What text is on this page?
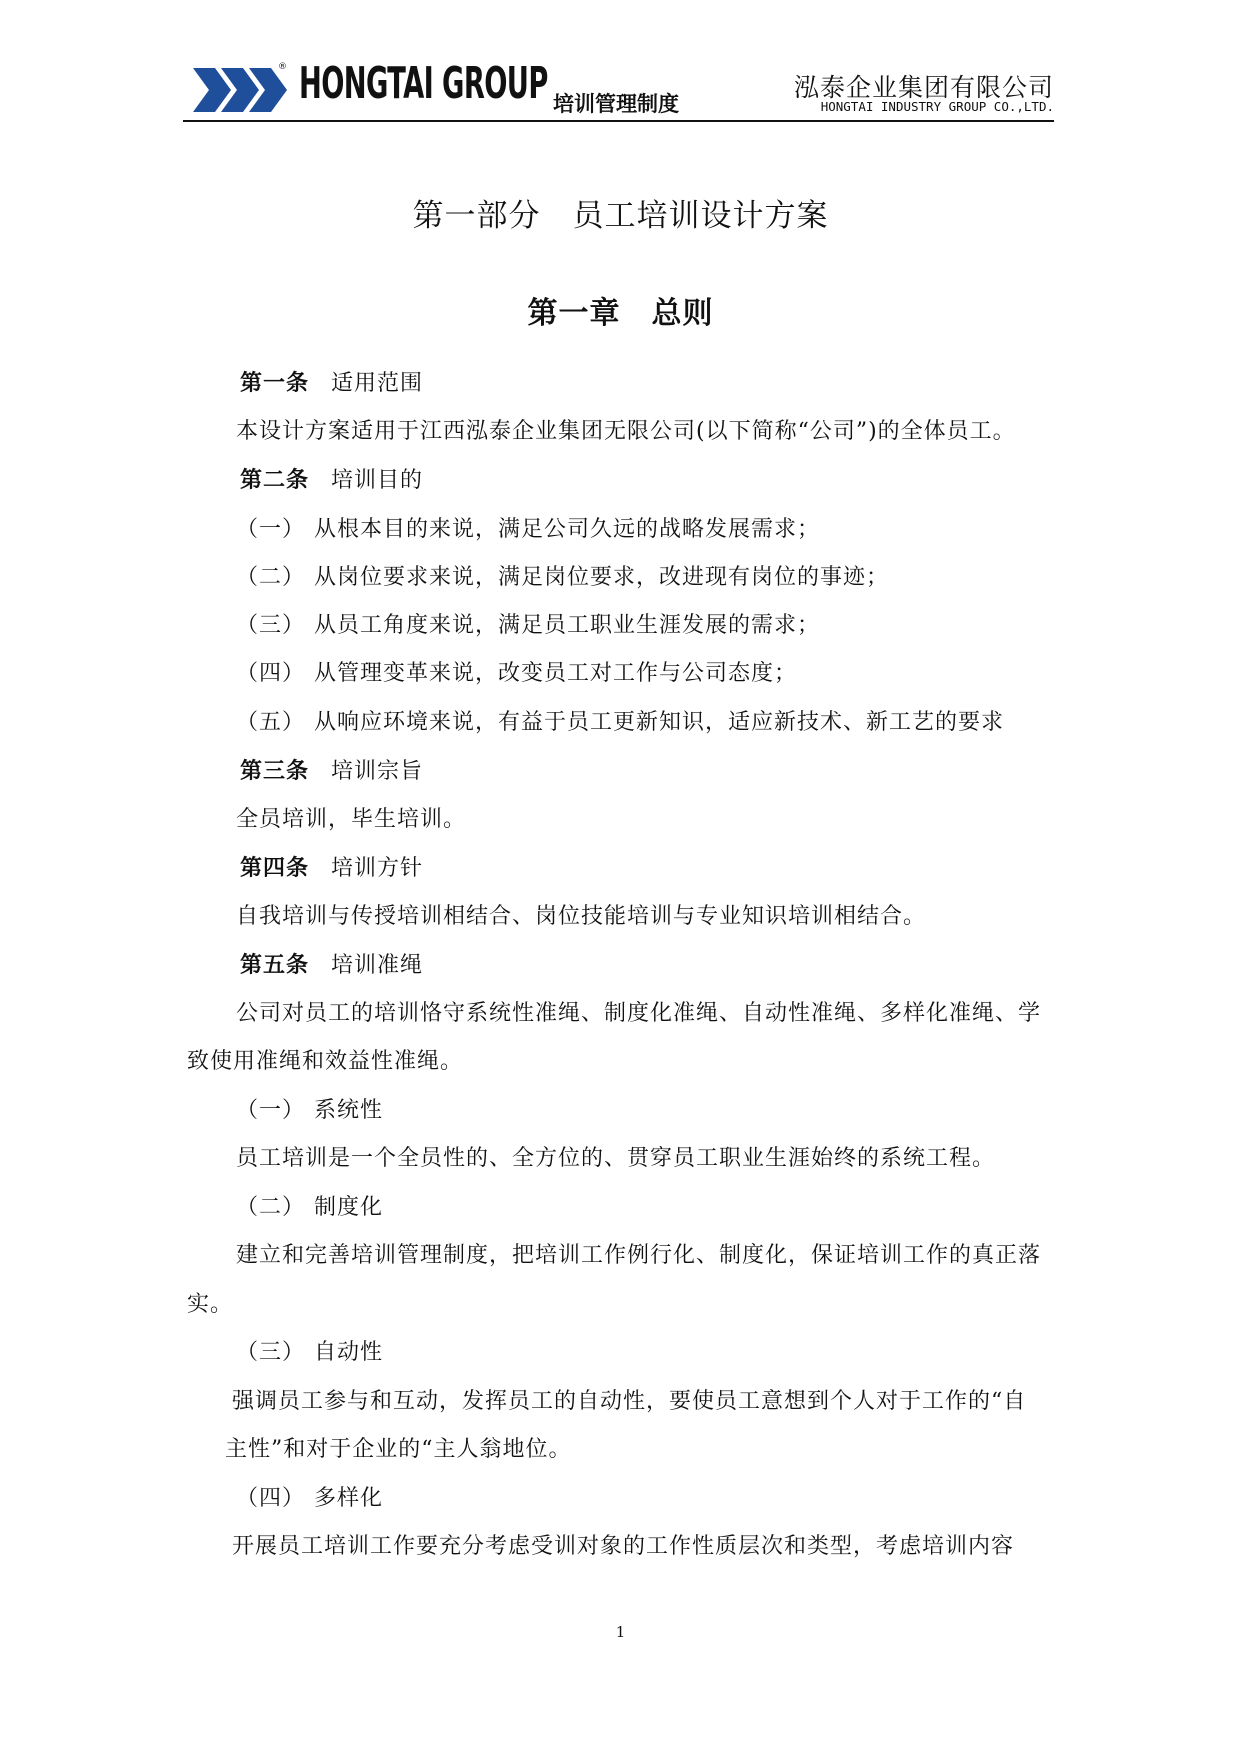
HONGTAI GROUP
®
培训管理制度
泓泰企业集团有限公司
HONGTAI INDUSTRY GROUP CO.,LTD.
第一部分　员工培训设计方案
第一章　总则
第一条 适用范围
本设计方案适用于江西泓泰企业集团无限公司(以下简称“公司”)的全体员工。
第二条 培训目的
（一） 从根本目的来说，满足公司久远的战略发展需求；
（二） 从岗位要求来说，满足岗位要求，改进现有岗位的事迹；
（三） 从员工角度来说，满足员工职业生涯发展的需求；
（四） 从管理变革来说，改变员工对工作与公司态度；
（五） 从响应环境来说，有益于员工更新知识，适应新技术、新工艺的要求
第三条 培训宗旨
全员培训，毕生培训。
第四条 培训方针
自我培训与传授培训相结合、岗位技能培训与专业知识培训相结合。
第五条 培训准绳
公司对员工的培训恪守系统性准绳、制度化准绳、自动性准绳、多样化准绳、学
致使用准绳和效益性准绳。
（一） 系统性
员工培训是一个全员性的、全方位的、贯穿员工职业生涯始终的系统工程。
（二） 制度化
建立和完善培训管理制度，把培训工作例行化、制度化，保证培训工作的真正落
实。
（三） 自动性
强调员工参与和互动，发挥员工的自动性，要使员工意想到个人对于工作的“自
主性”和对于企业的“主人翁地位。
（四） 多样化
开展员工培训工作要充分考虑受训对象的工作性质层次和类型，考虑培训内容
1
